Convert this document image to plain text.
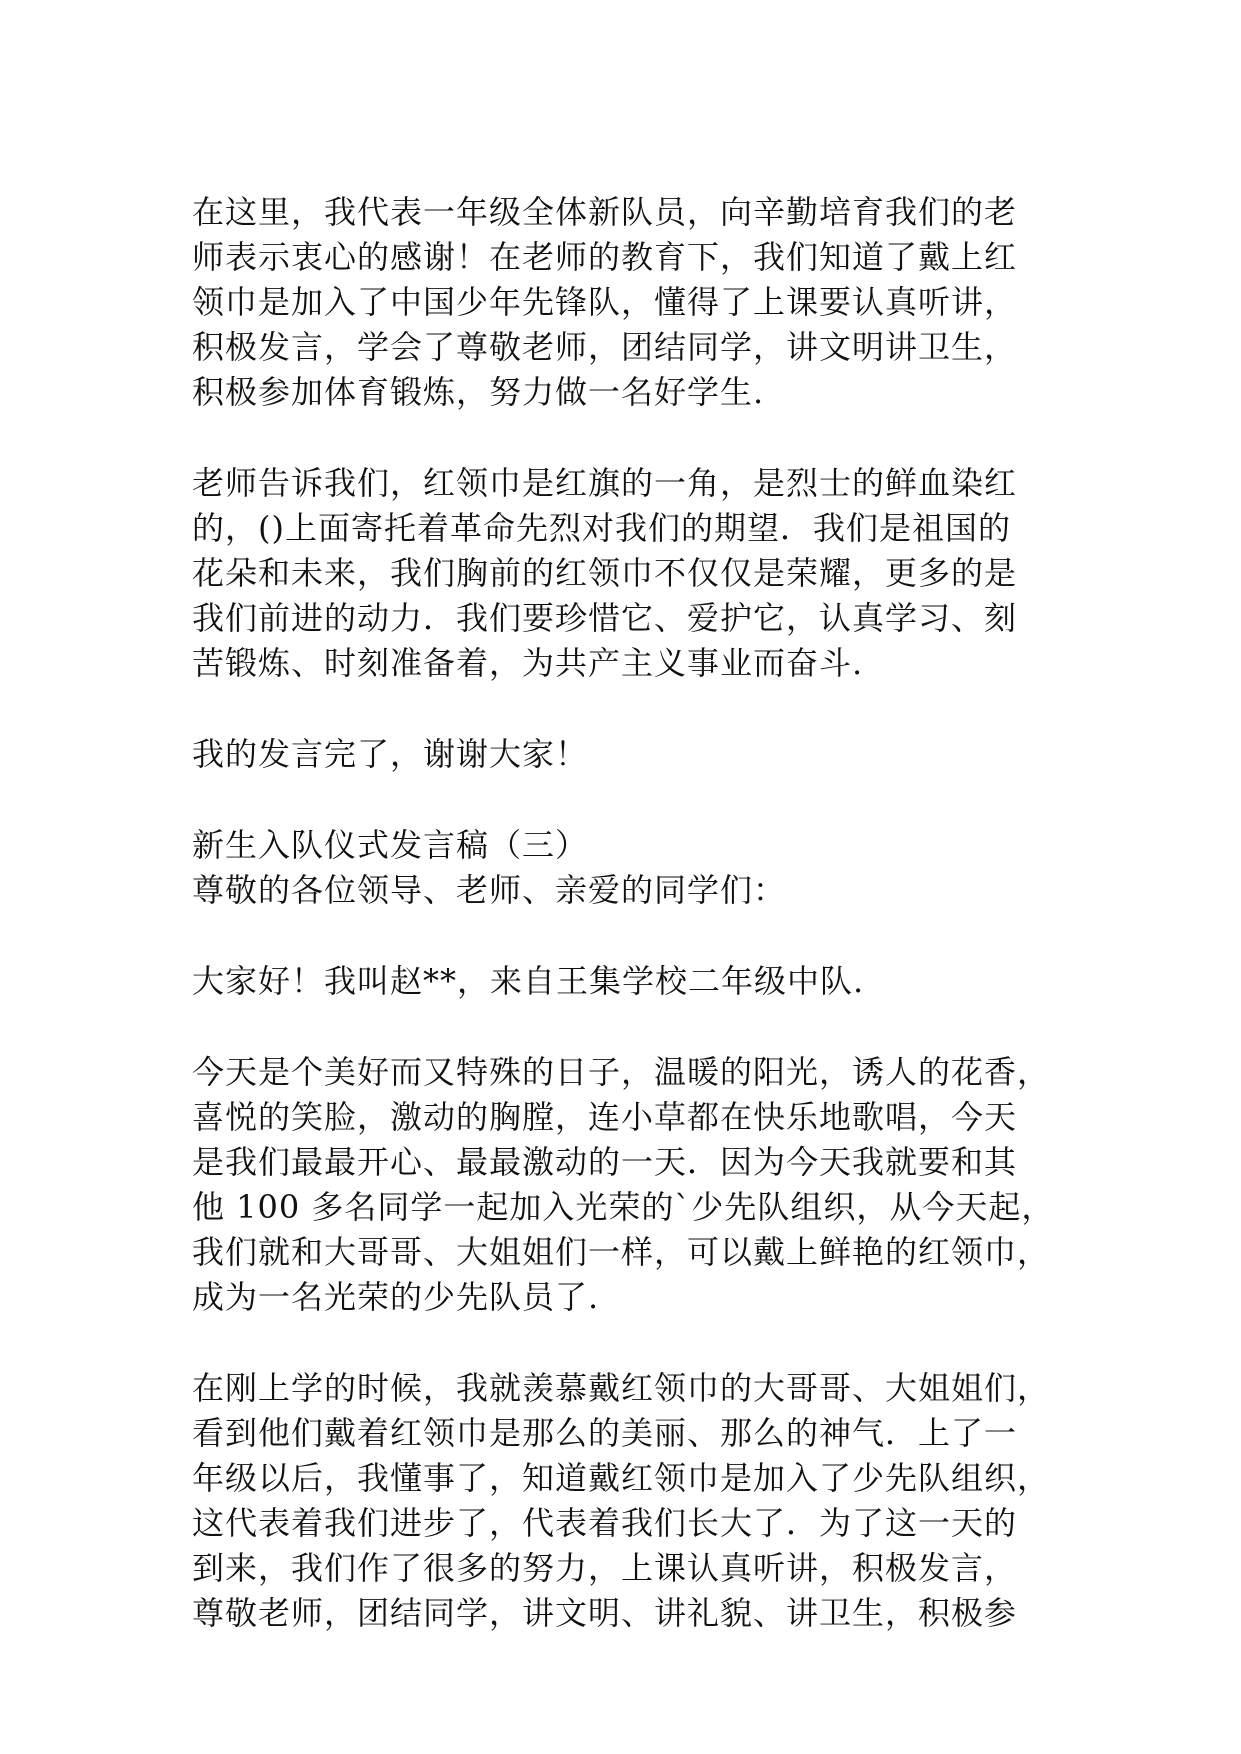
在这里，我代表一年级全体新队员，向辛勤培育我们的老
师表示衷心的感谢！在老师的教育下，我们知道了戴上红
领巾是加入了中国少年先锋队，懂得了上课要认真听讲，
积极发言，学会了尊敬老师，团结同学，讲文明讲卫生，
积极参加体育锻炼，努力做一名好学生.
老师告诉我们，红领巾是红旗的一角，是烈士的鲜血染红
的，()上面寄托着革命先烈对我们的期望．我们是祖国的
花朵和未来，我们胸前的红领巾不仅仅是荣耀，更多的是
我们前进的动力．我们要珍惜它、爱护它，认真学习、刻
苦锻炼、时刻准备着，为共产主义事业而奋斗.
我的发言完了，谢谢大家！
新生入队仪式发言稿（三）
尊敬的各位领导、老师、亲爱的同学们：
大家好！我叫赵**，来自王集学校二年级中队.
今天是个美好而又特殊的日子，温暖的阳光，诱人的花香，
喜悦的笑脸，激动的胸膛，连小草都在快乐地歌唱，今天
是我们最最开心、最最激动的一天．因为今天我就要和其
他 100 多名同学一起加入光荣的`少先队组织，从今天起，
我们就和大哥哥、大姐姐们一样，可以戴上鲜艳的红领巾，
成为一名光荣的少先队员了.
在刚上学的时候，我就羡慕戴红领巾的大哥哥、大姐姐们，
看到他们戴着红领巾是那么的美丽、那么的神气．上了一
年级以后，我懂事了，知道戴红领巾是加入了少先队组织，
这代表着我们进步了，代表着我们长大了．为了这一天的
到来，我们作了很多的努力，上课认真听讲，积极发言，
尊敬老师，团结同学，讲文明、讲礼貌、讲卫生，积极参
